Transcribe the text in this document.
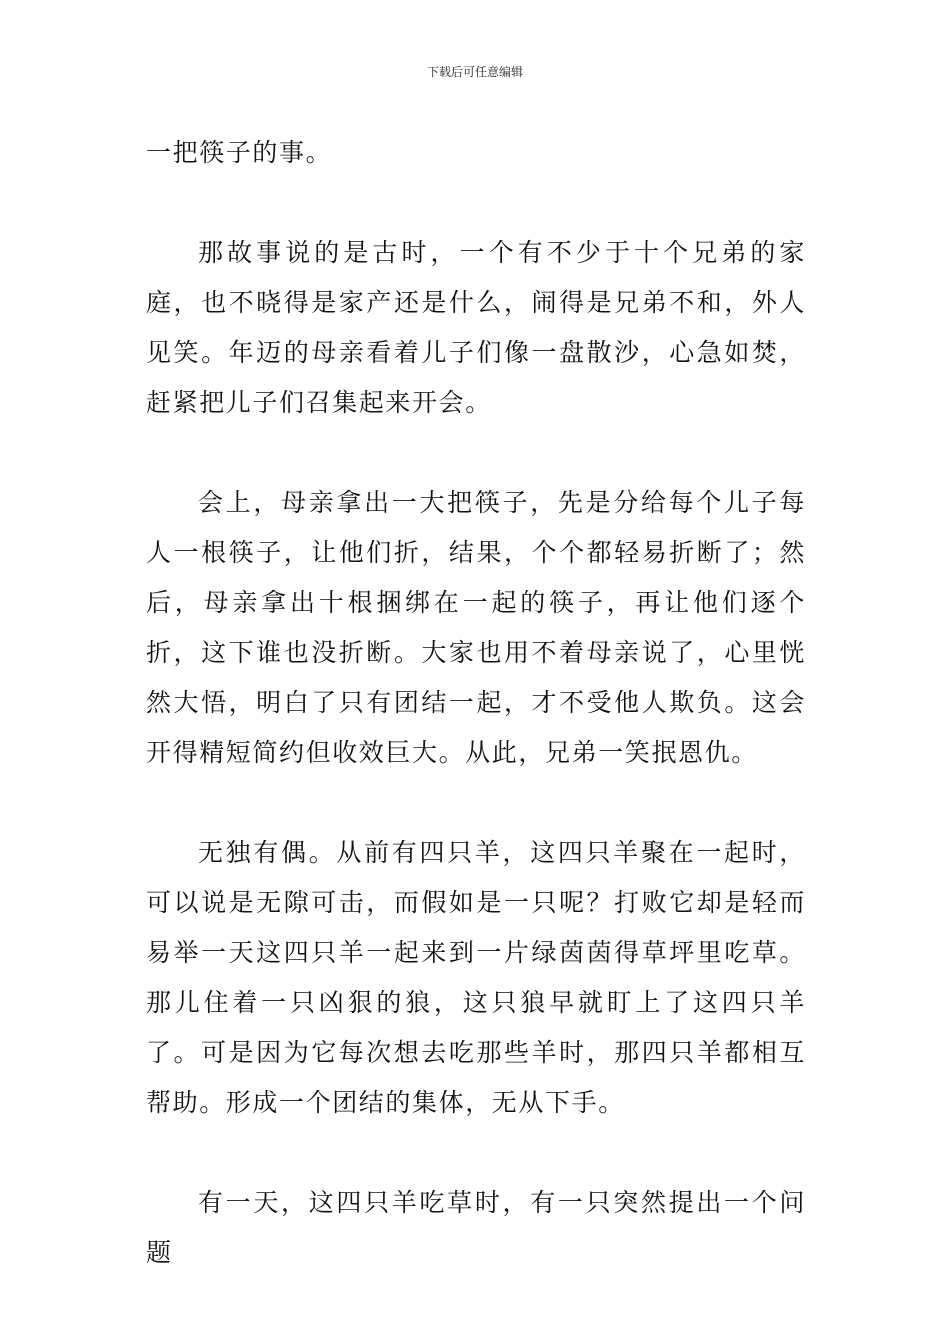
下载后可任意编辑

一把筷子的事。

那故事说的是古时，一个有不少于十个兄弟的家庭，也不晓得是家产还是什么，闹得是兄弟不和，外人见笑。年迈的母亲看着儿子们像一盘散沙，心急如焚，赶紧把儿子们召集起来开会。

会上，母亲拿出一大把筷子，先是分给每个儿子每人一根筷子，让他们折，结果，个个都轻易折断了；然后，母亲拿出十根捆绑在一起的筷子，再让他们逐个折，这下谁也没折断。大家也用不着母亲说了，心里恍然大悟，明白了只有团结一起，才不受他人欺负。这会开得精短简约但收效巨大。从此，兄弟一笑抿恩仇。

无独有偶。从前有四只羊，这四只羊聚在一起时，可以说是无隙可击，而假如是一只呢？打败它却是轻而易举一天这四只羊一起来到一片绿茵茵得草坪里吃草。那儿住着一只凶狠的狼，这只狼早就盯上了这四只羊了。可是因为它每次想去吃那些羊时，那四只羊都相互帮助。形成一个团结的集体，无从下手。

有一天，这四只羊吃草时，有一只突然提出一个问题
